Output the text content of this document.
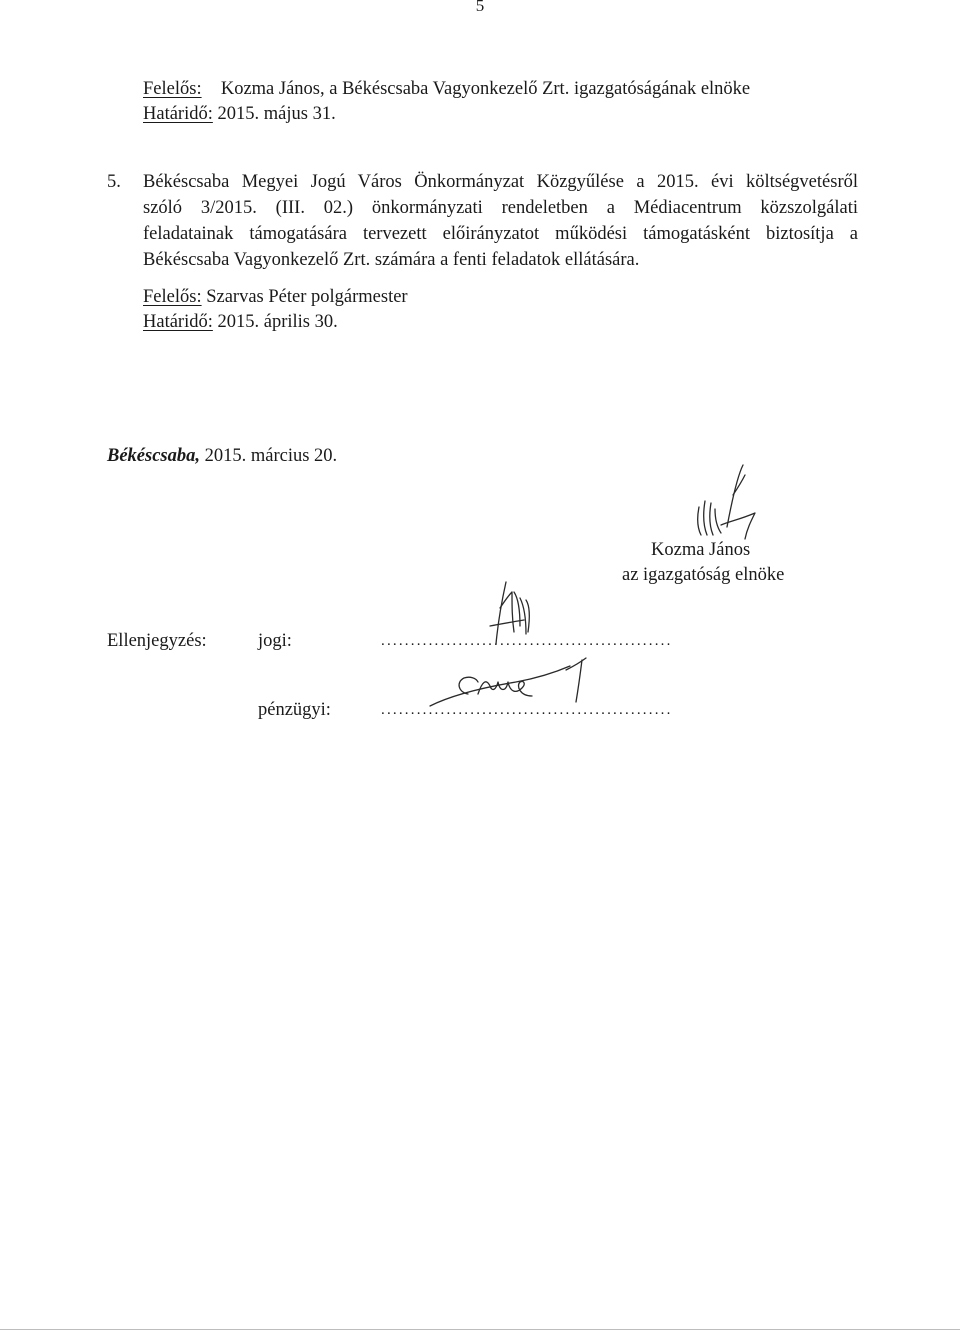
5
Felelős: Kozma János, a Békéscsaba Vagyonkezelő Zrt. igazgatóságának elnöke
Határidő: 2015. május 31.
5. Békéscsaba Megyei Jogú Város Önkormányzat Közgyűlése a 2015. évi költségvetésről
szóló 3/2015. (III. 02.) önkormányzati rendeletben a Médiacentrum közszolgálati
feladatainak támogatására tervezett előirányzatot működési támogatásként biztosítja a
Békéscsaba Vagyonkezelő Zrt. számára a fenti feladatok ellátására.
Felelős: Szarvas Péter polgármester
Határidő: 2015. április 30.
Békéscsaba, 2015. március 20.
Kozma János
az igazgatóság elnöke
Ellenjegyzés:	jogi:	.................................................
pénzügyi:	.................................................
